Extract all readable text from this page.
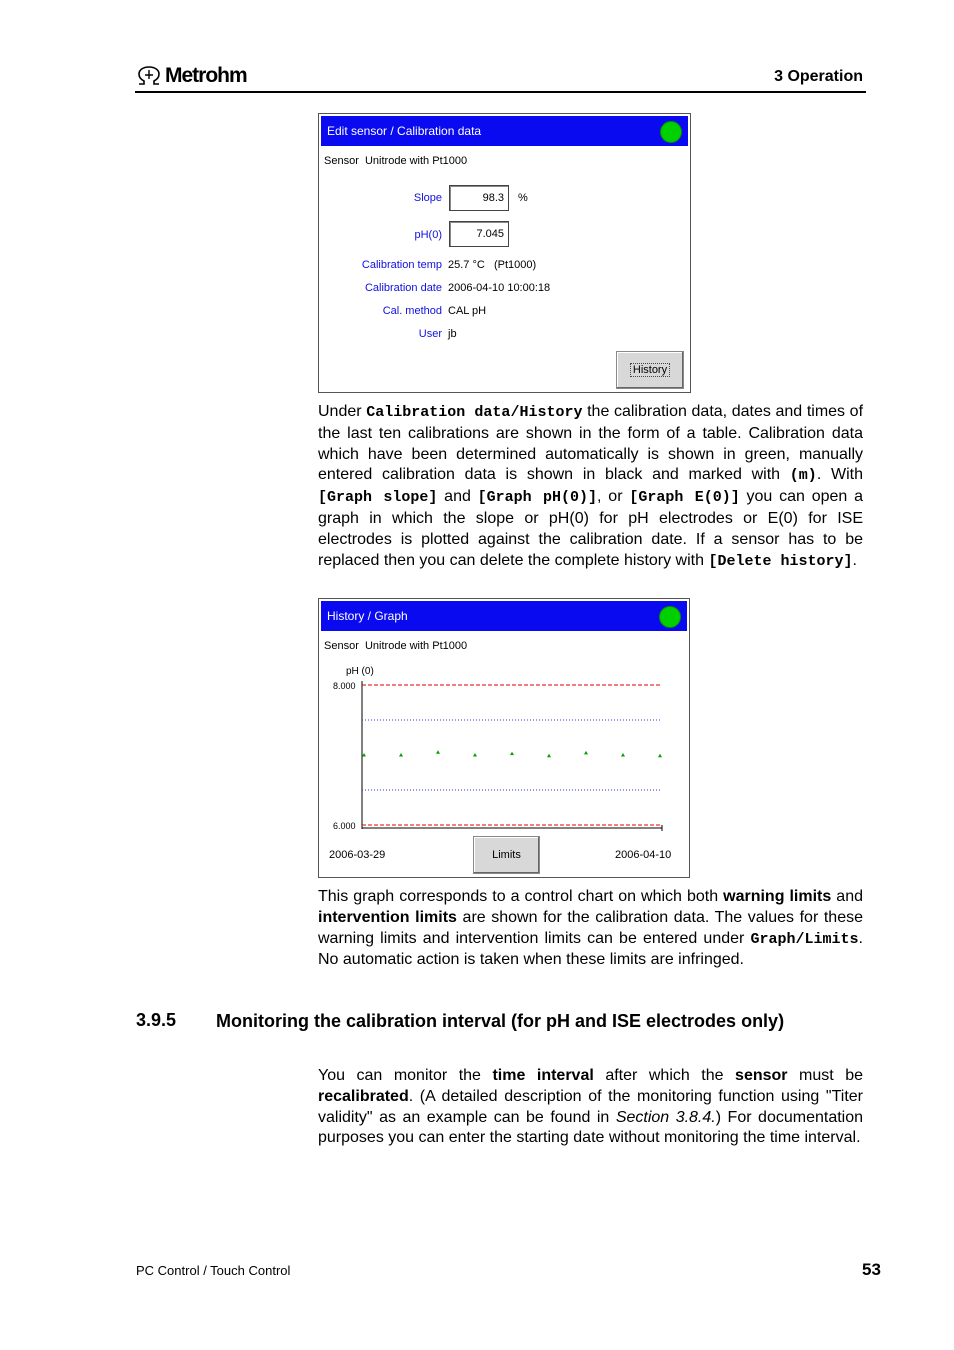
Metrohm	3 Operation
Edit sensor / Calibration data
Sensor Unitrode with Pt1000
Slope	98.3	%
pH(0)	7.045
Calibration temp 25.7 °C   (Pt1000)
Calibration date 2006-04-10 10:00:18
Cal. method CAL pH
User jb
History
Under Calibration data/History the calibration data, dates and times of the last ten calibrations are shown in the form of a table. Calibration data which have been determined automatically is shown in green, manually entered calibration data is shown in black and marked with (m). With [Graph slope] and [Graph pH(0)], or [Graph E(0)] you can open a graph in which the slope or pH(0) for pH electrodes or E(0) for ISE electrodes is plotted against the calibration date. If a sensor has to be replaced then you can delete the complete history with [Delete history].
History / Graph
Sensor Unitrode with Pt1000
pH (0)
8.000
6.000
2006-03-29	Limits	2006-04-10
This graph corresponds to a control chart on which both warning limits and intervention limits are shown for the calibration data. The values for these warning limits and intervention limits can be entered under Graph/Limits. No automatic action is taken when these limits are infringed.
3.9.5 Monitoring the calibration interval (for pH and ISE electrodes only)
You can monitor the time interval after which the sensor must be recalibrated. (A detailed description of the monitoring function using "Titer validity" as an example can be found in Section 3.8.4.) For documentation purposes you can enter the starting date without monitoring the time interval.
PC Control / Touch Control	53
